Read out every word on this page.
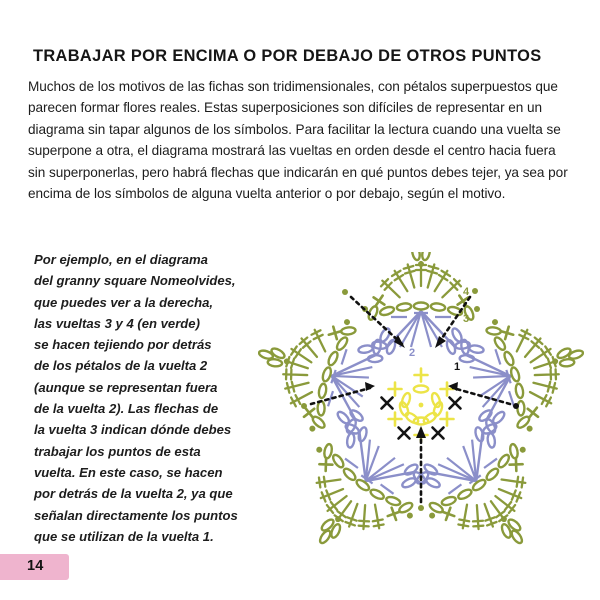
TRABAJAR POR ENCIMA O POR DEBAJO DE OTROS PUNTOS

Muchos de los motivos de las fichas son tridimensionales, con pétalos superpuestos que parecen formar flores reales. Estas superposiciones son difíciles de representar en un diagrama sin tapar algunos de los símbolos. Para facilitar la lectura cuando una vuelta se superpone a otra, el diagrama mostrará las vueltas en orden desde el centro hacia fuera sin superponerlas, pero habrá flechas que indicarán en qué puntos debes tejer, ya sea por encima de los símbolos de alguna vuelta anterior o por debajo, según el motivo.

Por ejemplo, en el diagrama
del granny square Nomeolvides,
que puedes ver a la derecha,
las vueltas 3 y 4 (en verde)
se hacen tejiendo por detrás
de los pétalos de la vuelta 2
(aunque se representan fuera
de la vuelta 2). Las flechas de
la vuelta 3 indican dónde debes
trabajar los puntos de esta
vuelta. En este caso, se hacen
por detrás de la vuelta 2, ya que
señalan directamente los puntos
que se utilizan de la vuelta 1.
2
1
3
4
14
